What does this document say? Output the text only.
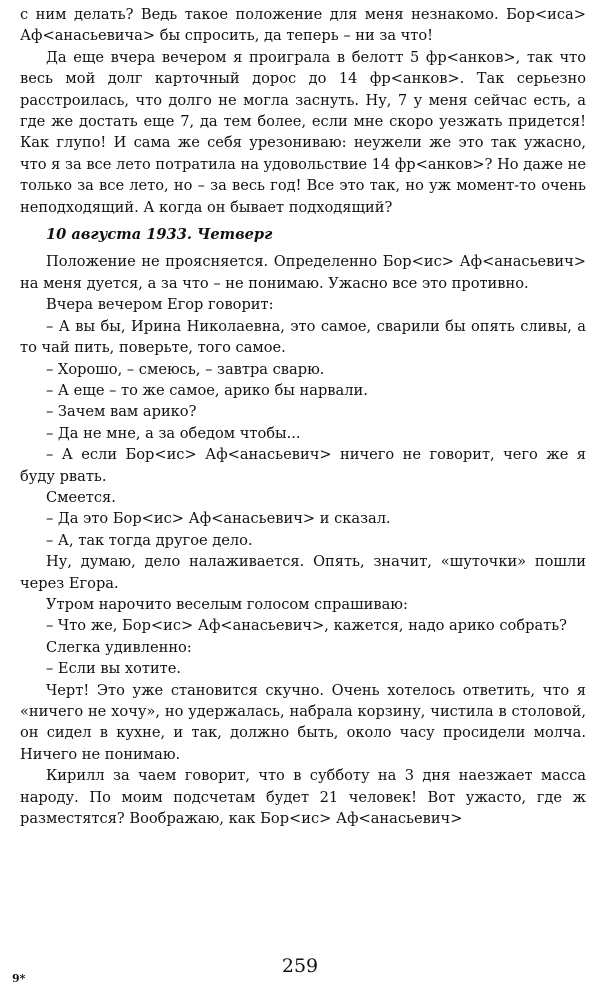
с ним делать? Ведь такое положение для меня незнакомо. Бор<иса> Аф<анасьевича> бы спросить, да теперь – ни за что!

Да еще вчера вечером я проиграла в белотт 5 фр<анков>, так что весь мой долг карточный дорос до 14 фр<анков>. Так серьезно расстроилась, что долго не могла заснуть. Ну, 7 у меня сейчас есть, а где же достать еще 7, да тем более, если мне скоро уезжать придется! Как глупо! И сама же себя урезониваю: неужели же это так ужасно, что я за все лето потратила на удовольствие 14 фр<анков>? Но даже не только за все лето, но – за весь год! Все это так, но уж момент-то очень неподходящий. А когда он бывает подходящий?

10 августа 1933. Четверг

Положение не проясняется. Определенно Бор<ис> Аф<анасьевич> на меня дуется, а за что – не понимаю. Ужасно все это противно.

Вчера вечером Егор говорит:

– А вы бы, Ирина Николаевна, это самое, сварили бы опять сливы, а то чай пить, поверьте, того самое.

– Хорошо, – смеюсь, – завтра сварю.

– А еще – то же самое, арико бы нарвали.

– Зачем вам арико?

– Да не мне, а за обедом чтобы...

– А если Бор<ис> Аф<анасьевич> ничего не говорит, чего же я буду рвать.

Смеется.

– Да это Бор<ис> Аф<анасьевич> и сказал.

– А, так тогда другое дело.

Ну, думаю, дело налаживается. Опять, значит, «шуточки» пошли через Егора.

Утром нарочито веселым голосом спрашиваю:

– Что же, Бор<ис> Аф<анасьевич>, кажется, надо арико собрать?

Слегка удивленно:

– Если вы хотите.

Черт! Это уже становится скучно. Очень хотелось ответить, что я «ничего не хочу», но удержалась, набрала корзину, чистила в столовой, он сидел в кухне, и так, должно быть, около часу просидели молча. Ничего не понимаю.

Кирилл за чаем говорит, что в субботу на 3 дня наезжает масса народу. По моим подсчетам будет 21 человек! Вот ужасто, где ж разместятся? Воображаю, как Бор<ис> Аф<анасьевич>

259
9*
